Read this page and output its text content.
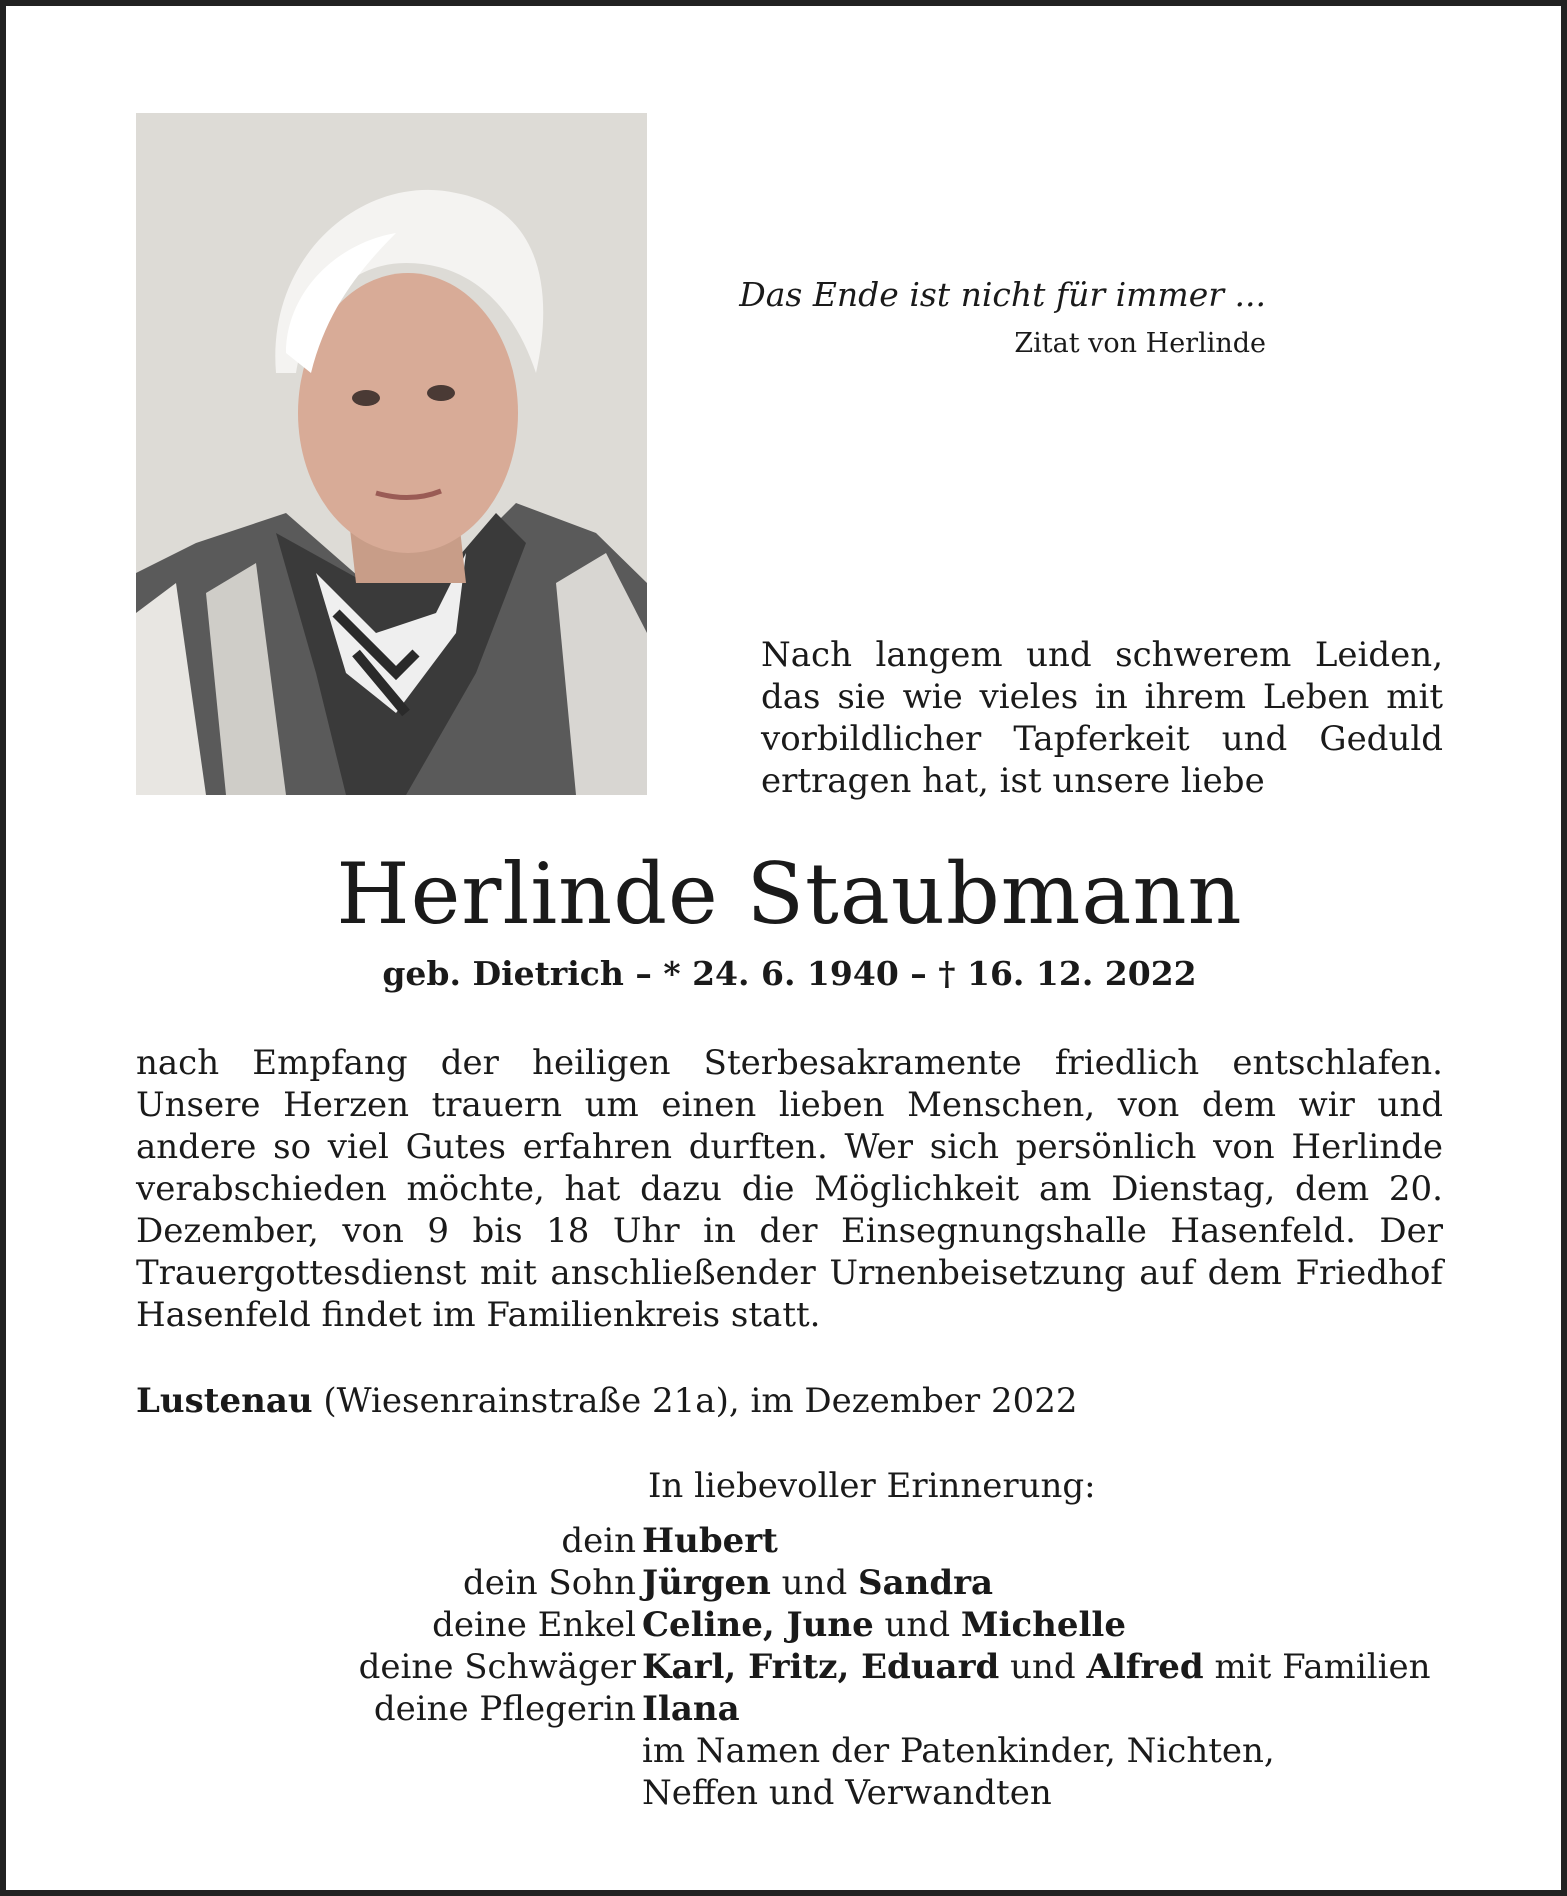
Das Ende ist nicht für immer ...
Zitat von Herlinde
Nach langem und schwerem Leiden, das sie wie vieles in ihrem Leben mit vorbildlicher Tapferkeit und Geduld ertragen hat, ist unsere liebe
Herlinde Staubmann
geb. Dietrich – * 24. 6. 1940 – † 16. 12. 2022
nach Empfang der heiligen Sterbesakramente friedlich entschlafen. Unsere Herzen trauern um einen lieben Menschen, von dem wir und andere so viel Gutes erfahren durften. Wer sich persönlich von Herlinde verabschieden möchte, hat dazu die Möglichkeit am Dienstag, dem 20. Dezember, von 9 bis 18 Uhr in der Einsegnungshalle Hasenfeld. Der Trauergottesdienst mit anschließender Urnenbeisetzung auf dem Friedhof Hasenfeld findet im Familienkreis statt.
Lustenau (Wiesenrainstraße 21a), im Dezember 2022
In liebevoller Erinnerung:
dein Hubert
dein Sohn Jürgen und Sandra
deine Enkel Celine, June und Michelle
deine Schwäger Karl, Fritz, Eduard und Alfred mit Familien
deine Pflegerin Ilana
im Namen der Patenkinder, Nichten,
Neffen und Verwandten
